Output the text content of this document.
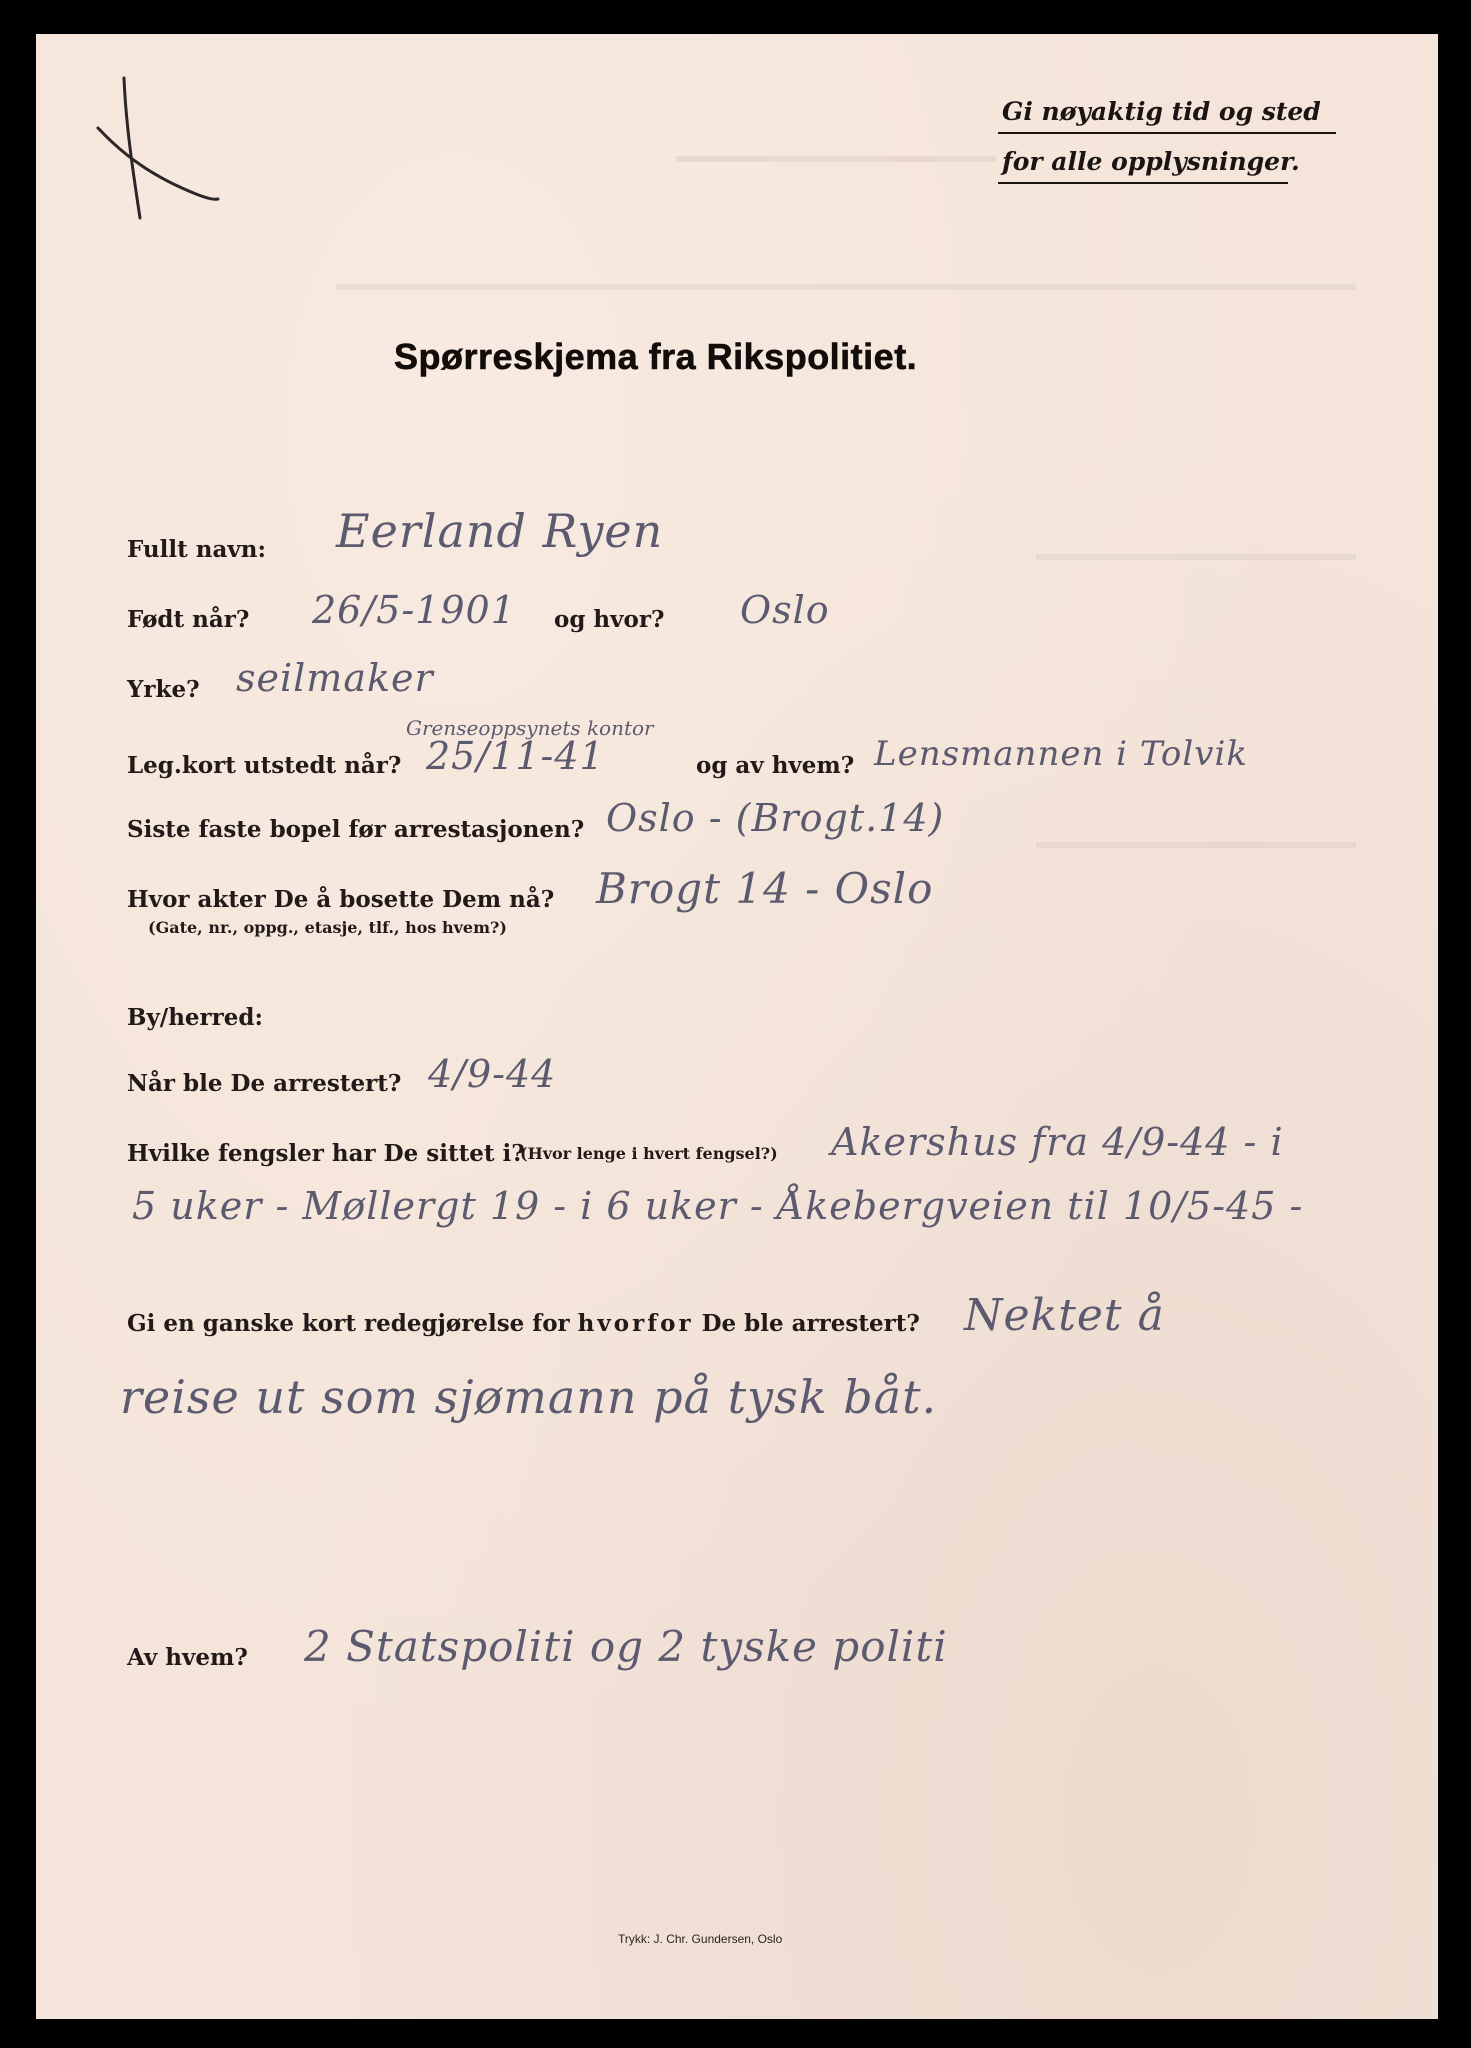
Gi nøyaktig tid og sted
for alle opplysninger.
Spørreskjema fra Rikspolitiet.
Fullt navn: Eerland Ryen
Født når? 26/5-1901 og hvor? Oslo
Yrke? seilmaker
Grenseoppsynets kontor
Leg.kort utstedt når? 25/11-41	og av hvem? Lensmannen i Tolvik
Siste faste bopel før arrestasjonen? Oslo - (Brogt.14)
Hvor akter De å bosette Dem nå?
(Gate, nr., oppg., etasje, tlf., hos hvem?)
Brogt 14 - Oslo
By/herred:
Når ble De arrestert? 4/9-44
Hvilke fengsler har De sittet i?
(Hvor lenge i hvert fengsel?) Akershus fra 4/9-44 - i
5 uker - Møllergt 19 - i 6 uker - Åkebergveien til 10/5-45 -
Gi en ganske kort redegjørelse for hvorfor De ble arrestert? Nektet å
reise ut som sjømann på tysk båt.
Av hvem? 2 Statspoliti og 2 tyske politi
Trykk: J. Chr. Gundersen, Oslo
